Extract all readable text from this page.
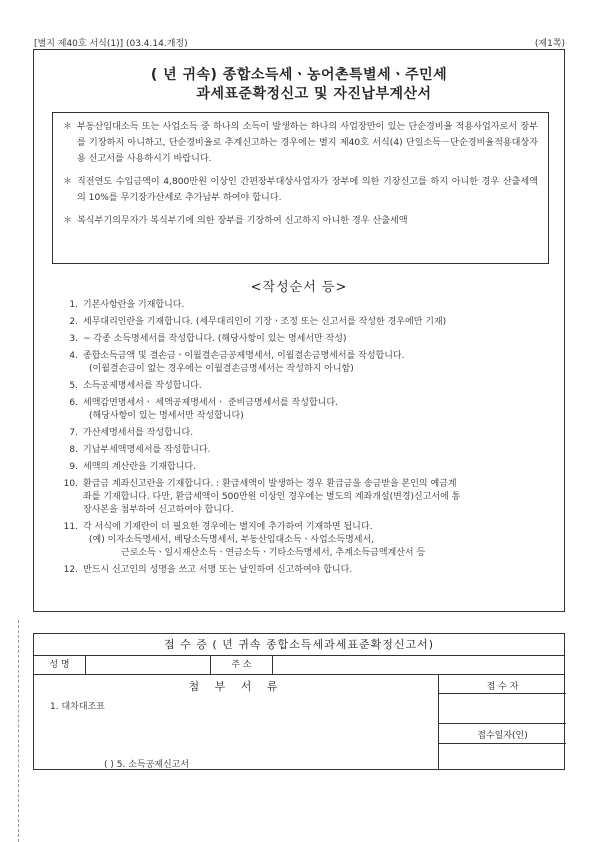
[별지 제40호 서식(1)] (03.4.14.개정)	(제1쪽)
( 년 귀속) 종합소득세ㆍ농어촌특별세ㆍ주민세
과세표준확정신고 및 자진납부계산서
＊ 부동산임대소득 또는 사업소득 중 하나의 소득이 발생하는 하나의 사업장만이 있는 단순경비율 적용사업자로서 장부를 기장하지 아니하고, 단순경비율로 추계신고하는 경우에는 별지 제40호 서식(4) 단일소득－단순경비율적용대상자용 신고서를 사용하시기 바랍니다.
＊ 직전연도 수입금액이 4,800만원 이상인 간편장부대상사업자가 장부에 의한 기장신고를 하지 아니한 경우 산출세액의 10%를 무기장가산세로 추가납부 하여야 합니다.
＊ 복식부기의무자가 복식부기에 의한 장부를 기장하여 신고하지 아니한 경우 산출세액
<작성순서 등>
1. 기본사항란을 기재합니다.
2. 세무대리인란을 기재합니다. (세무대리인이 기장ㆍ조정 또는 신고서를 작성한 경우에만 기재)
3. ~ 각종 소득명세서를 작성합니다. (해당사항이 있는 명세서만 작성)
4. 종합소득금액 및 결손금ㆍ이월결손금공제명세서, 이월결손금명세서를 작성합니다.
(이월결손금이 없는 경우에는 이월결손금명세서는 작성하지 아니함)
5. 소득공제명세서를 작성합니다.
6. 세액감면명세서ㆍ 세액공제명세서ㆍ 준비금명세서를 작성합니다.
(해당사항이 있는 명세서만 작성합니다)
7. 가산세명세서를 작성합니다.
8. 기납부세액명세서를 작성합니다.
9. 세액의 계산란을 기재합니다.
10. 환급금 계좌신고란을 기재합니다. : 환급세액이 발생하는 경우 환급금을 송금받을 본인의 예금계
좌를 기재합니다. 다만, 환급세액이 500만원 이상인 경우에는 별도의 계좌개설(변경)신고서에 통
장사본을 첨부하여 신고하여야 합니다.
11. 각 서식에 기재란이 더 필요한 경우에는 별지에 추가하여 기재하면 됩니다.
(예) 이자소득명세서, 배당소득명세서, 부동산임대소득ㆍ사업소득명세서,
근로소득ㆍ일시재산소득ㆍ연금소득ㆍ기타소득명세서, 추계소득금액계산서 등
12. 반드시 신고인의 성명을 쓰고 서명 또는 날인하여 신고하여야 합니다.
접 수 증 ( 년 귀속 종합소득세과세표준확정신고서)
성 명	주 소
첨 부 서 류	접 수 자
접수일자(인)
1. 대차대조표
( ) 5. 소득공제신고서
